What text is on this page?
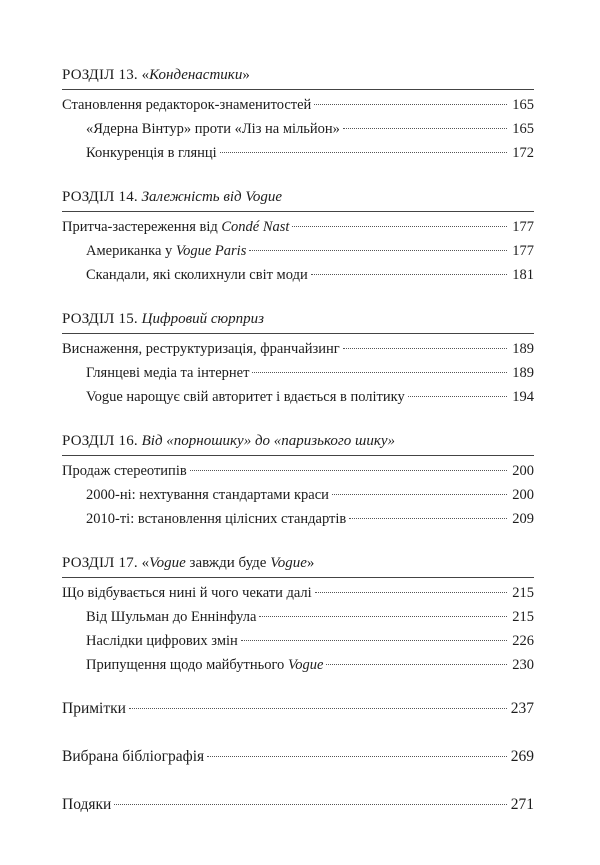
РОЗДІЛ 13. «Конденастики»
Становлення редакторок-знаменитостей	165
«Ядерна Вінтур» проти «Ліз на мільйон»	165
Конкуренція в глянці	172
РОЗДІЛ 14. Залежність від Vogue
Притча-застереження від Condé Nast	177
Американка у Vogue Paris	177
Скандали, які сколихнули світ моди	181
РОЗДІЛ 15. Цифровий сюрприз
Виснаження, реструктуризація, франчайзинг	189
Глянцеві медіа та інтернет	189
Vogue нарощує свій авторитет і вдається в політику	194
РОЗДІЛ 16. Від «порношику» до «паризького шику»
Продаж стереотипів	200
2000-ні: нехтування стандартами краси	200
2010-ті: встановлення цілісних стандартів	209
РОЗДІЛ 17. «Vogue завжди буде Vogue»
Що відбувається нині й чого чекати далі	215
Від Шульман до Еннінфула	215
Наслідки цифрових змін	226
Припущення щодо майбутнього Vogue	230
Примітки	237
Вибрана бібліографія	269
Подяки	271
